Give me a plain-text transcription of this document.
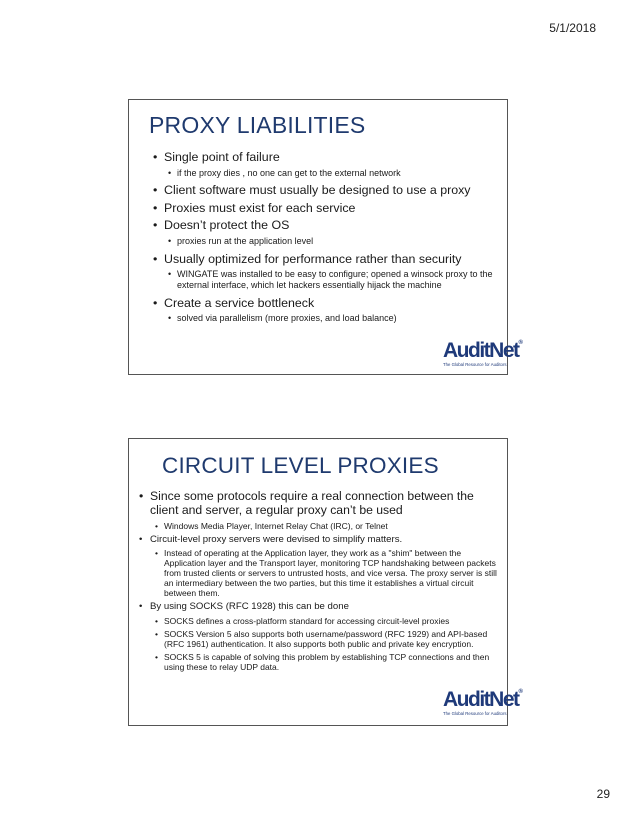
5/1/2018
PROXY LIABILITIES
• Single point of failure
• if the proxy dies , no one can get to the external network
• Client software must usually be designed to use a proxy
• Proxies must exist for each service
• Doesn’t protect the OS
• proxies run at the application level
• Usually optimized for performance rather than security
• WINGATE was installed to be easy to configure; opened a winsock proxy to the external interface, which let hackers essentially hijack the machine
• Create a service bottleneck
• solved via parallelism (more proxies, and load balance)
AuditNet®
The Global Resource for Auditors
CIRCUIT LEVEL PROXIES
• Since some protocols require a real connection between the client and server, a regular proxy can’t be used
• Windows Media Player, Internet Relay Chat (IRC), or Telnet
• Circuit-level proxy servers were devised to simplify matters.
• Instead of operating at the Application layer, they work as a "shim" between the Application layer and the Transport layer, monitoring TCP handshaking between packets from trusted clients or servers to untrusted hosts, and vice versa. The proxy server is still an intermediary between the two parties, but this time it establishes a virtual circuit between them.
• By using SOCKS (RFC 1928) this can be done
• SOCKS defines a cross-platform standard for accessing circuit-level proxies
• SOCKS Version 5 also supports both username/password (RFC 1929) and API-based (RFC 1961) authentication. It also supports both public and private key encryption.
• SOCKS 5 is capable of solving this problem by establishing TCP connections and then using these to relay UDP data.
AuditNet®
The Global Resource for Auditors
29
